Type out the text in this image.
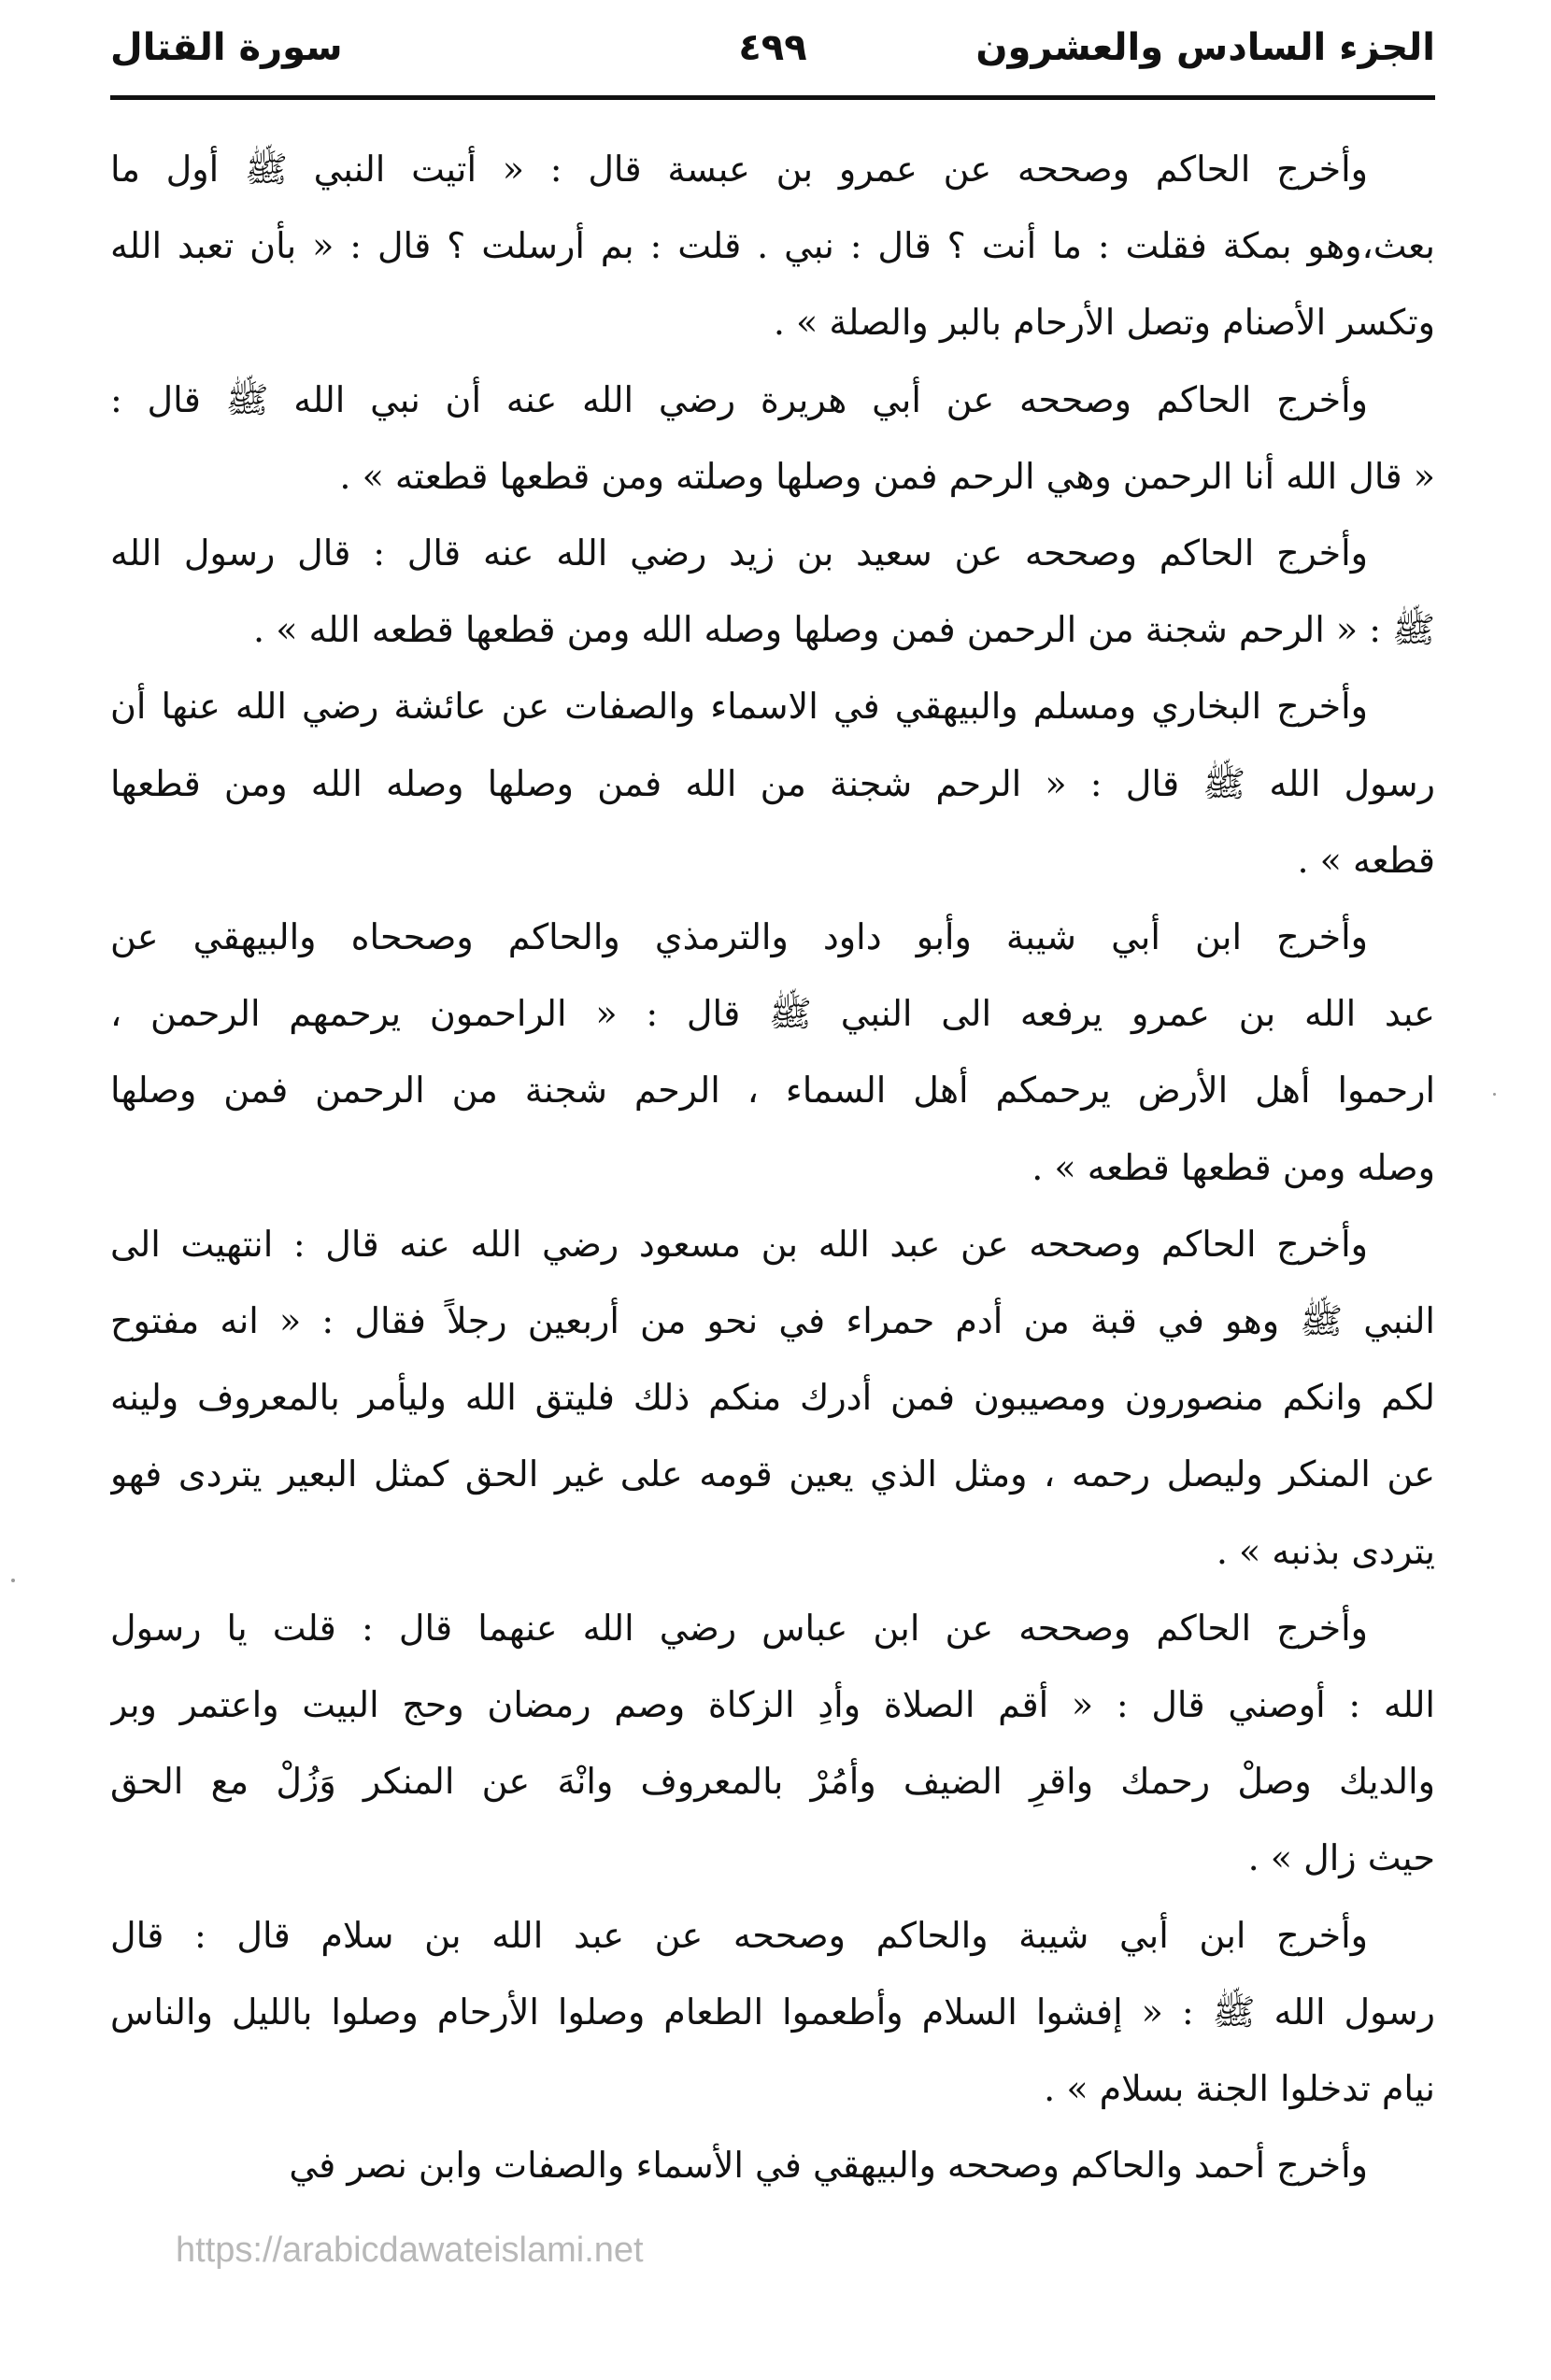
الجزء السادس والعشرون
٤٩٩
سورة القتال
وأخرج الحاكم وصححه عن عمرو بن عبسة قال : « أتيت النبي ﷺ أول ما
بعث،وهو بمكة فقلت : ما أنت ؟ قال : نبي . قلت : بم أرسلت ؟ قال : « بأن تعبد الله
وتكسر الأصنام وتصل الأرحام بالبر والصلة » .
وأخرج الحاكم وصححه عن أبي هريرة رضي الله عنه أن نبي الله ﷺ قال :
« قال الله أنا الرحمن وهي الرحم فمن وصلها وصلته ومن قطعها قطعته » .
وأخرج الحاكم وصححه عن سعيد بن زيد رضي الله عنه قال : قال رسول الله
ﷺ : « الرحم شجنة من الرحمن فمن وصلها وصله الله ومن قطعها قطعه الله » .
وأخرج البخاري ومسلم والبيهقي في الاسماء والصفات عن عائشة رضي الله عنها أن
رسول الله ﷺ قال : « الرحم شجنة من الله فمن وصلها وصله الله ومن قطعها
قطعه » .
وأخرج ابن أبي شيبة وأبو داود والترمذي والحاكم وصححاه والبيهقي عن
عبد الله بن عمرو يرفعه الى النبي ﷺ قال : « الراحمون يرحمهم الرحمن ،
ارحموا أهل الأرض يرحمكم أهل السماء ، الرحم شجنة من الرحمن فمن وصلها
وصله ومن قطعها قطعه » .
وأخرج الحاكم وصححه عن عبد الله بن مسعود رضي الله عنه قال : انتهيت الى
النبي ﷺ وهو في قبة من أدم حمراء في نحو من أربعين رجلاً فقال : « انه مفتوح
لكم وانكم منصورون ومصيبون فمن أدرك منكم ذلك فليتق الله وليأمر بالمعروف ولينه
عن المنكر وليصل رحمه ، ومثل الذي يعين قومه على غير الحق كمثل البعير يتردى فهو
يتردى بذنبه » .
وأخرج الحاكم وصححه عن ابن عباس رضي الله عنهما قال : قلت يا رسول
الله : أوصني قال : « أقم الصلاة وأدِ الزكاة وصم رمضان وحج البيت واعتمر وبر
والديك وصلْ رحمك واقرِ الضيف وأمُرْ بالمعروف وانْهَ عن المنكر وَزُلْ مع الحق
حيث زال » .
وأخرج ابن أبي شيبة والحاكم وصححه عن عبد الله بن سلام قال : قال
رسول الله ﷺ : « إفشوا السلام وأطعموا الطعام وصلوا الأرحام وصلوا بالليل والناس
نيام تدخلوا الجنة بسلام » .
وأخرج أحمد والحاكم وصححه والبيهقي في الأسماء والصفات وابن نصر في
https://arabicdawateislami.net
